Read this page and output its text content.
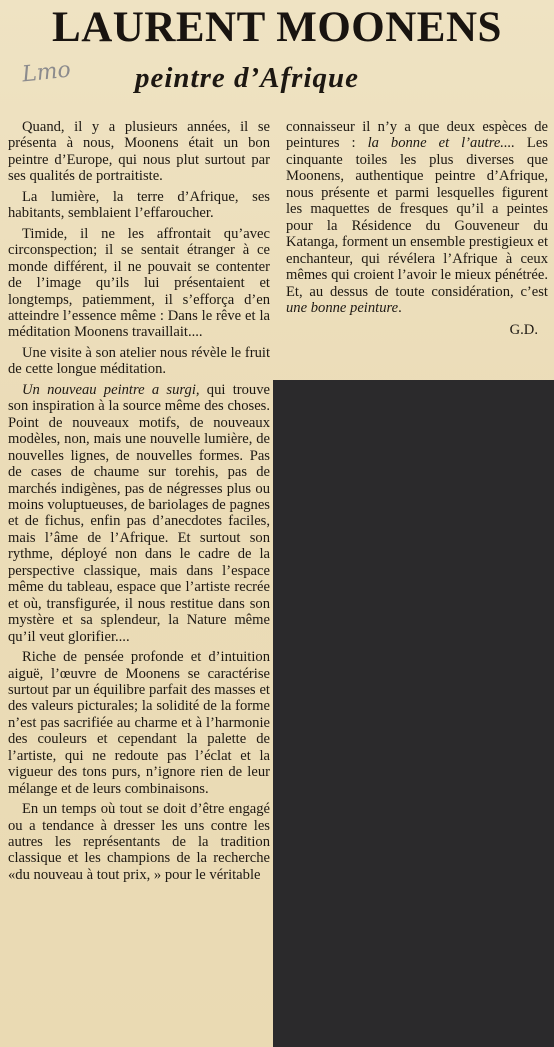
LAURENT MOONENS
Lmo peintre d’Afrique

Quand, il y a plusieurs années, il se présenta à nous, Moonens était un bon peintre d’Europe, qui nous plut surtout par ses qualités de portraitiste.

La lumière, la terre d’Afrique, ses habitants, semblaient l’effaroucher.

Timide, il ne les affrontait qu’avec circonspection; il se sentait étranger à ce monde différent, il ne pouvait se contenter de l’image qu’ils lui présentaient et longtemps, patiemment, il s’efforça d’en atteindre l’essence même : Dans le rêve et la méditation Moonens travaillait....

Une visite à son atelier nous révèle le fruit de cette longue méditation.

Un nouveau peintre a surgi, qui trouve son inspiration à la source même des choses. Point de nouveaux motifs, de nouveaux modèles, non, mais une nouvelle lumière, de nouvelles lignes, de nouvelles formes. Pas de cases de chaume sur torehis, pas de marchés indigènes, pas de négresses plus ou moins voluptueuses, de bariolages de pagnes et de fichus, enfin pas d’anecdotes faciles, mais l’âme de l’Afrique. Et surtout son rythme, déployé non dans le cadre de la perspective classique, mais dans l’espace même du tableau, espace que l’artiste recrée et où, transfigurée, il nous restitue dans son mystère et sa splendeur, la Nature même qu’il veut glorifier....

Riche de pensée profonde et d’intuition aiguë, l’œuvre de Moonens se caractérise surtout par un équilibre parfait des masses et des valeurs picturales; la solidité de la forme n’est pas sacrifiée au charme et à l’harmonie des couleurs et cependant la palette de l’artiste, qui ne redoute pas l’éclat et la vigueur des tons purs, n’ignore rien de leur mélange et de leurs combinaisons.

En un temps où tout se doit d’être engagé ou a tendance à dresser les uns contre les autres les représentants de la tradition classique et les champions de la recherche «du nouveau à tout prix, » pour le véritable

connaisseur il n’y a que deux espèces de peintures : la bonne et l’autre.... Les cinquante toiles les plus diverses que Moonens, authentique peintre d’Afrique, nous présente et parmi lesquelles figurent les maquettes de fresques qu’il a peintes pour la Résidence du Gouveneur du Katanga, forment un ensemble prestigieux et enchanteur, qui révélera l’Afrique à ceux mêmes qui croient l’avoir le mieux pénétrée. Et, au dessus de toute considération, c’est une bonne peinture.

G.D.
